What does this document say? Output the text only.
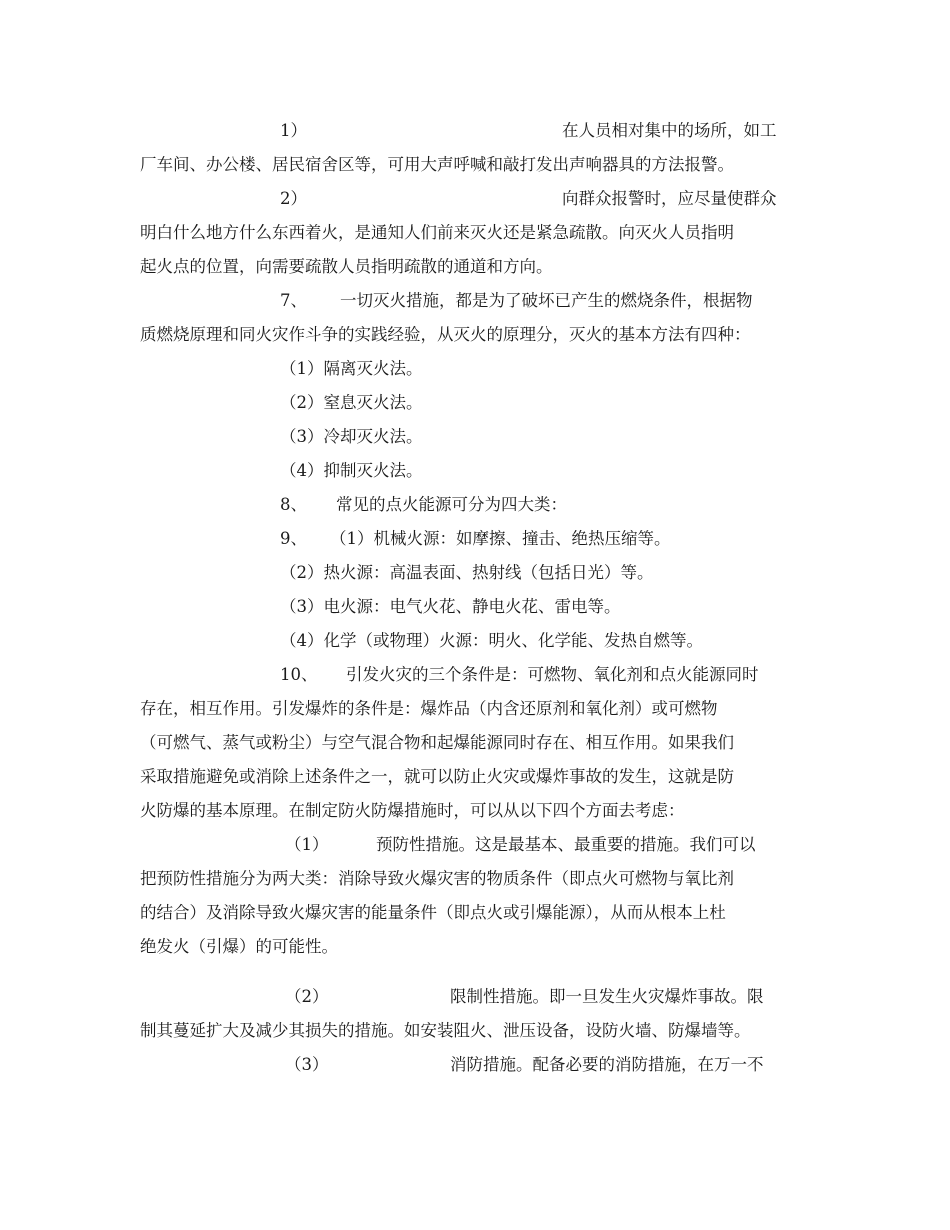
1）	在人员相对集中的场所，如工
厂车间、办公楼、居民宿舍区等，可用大声呼喊和敲打发出声响器具的方法报警。
2）	向群众报警时，应尽量使群众
明白什么地方什么东西着火，是通知人们前来灭火还是紧急疏散。向灭火人员指明
起火点的位置，向需要疏散人员指明疏散的通道和方向。
7、 一切灭火措施，都是为了破坏已产生的燃烧条件，根据物
质燃烧原理和同火灾作斗争的实践经验，从灭火的原理分，灭火的基本方法有四种：
（1）隔离灭火法。
（2）窒息灭火法。
（3）冷却灭火法。
（4）抑制灭火法。
8、 常见的点火能源可分为四大类：
9、 （1）机械火源：如摩擦、撞击、绝热压缩等。
（2）热火源：高温表面、热射线（包括日光）等。
（3）电火源：电气火花、静电火花、雷电等。
（4）化学（或物理）火源：明火、化学能、发热自燃等。
10、 引发火灾的三个条件是：可燃物、氧化剂和点火能源同时
存在，相互作用。引发爆炸的条件是：爆炸品（内含还原剂和氧化剂）或可燃物
（可燃气、蒸气或粉尘）与空气混合物和起爆能源同时存在、相互作用。如果我们
采取措施避免或消除上述条件之一，就可以防止火灾或爆炸事故的发生，这就是防
火防爆的基本原理。在制定防火防爆措施时，可以从以下四个方面去考虑：
（1）	预防性措施。这是最基本、最重要的措施。我们可以
把预防性措施分为两大类：消除导致火爆灾害的物质条件（即点火可燃物与氧比剂
的结合）及消除导致火爆灾害的能量条件（即点火或引爆能源），从而从根本上杜
绝发火（引爆）的可能性。
（2）	限制性措施。即一旦发生火灾爆炸事故。限
制其蔓延扩大及减少其损失的措施。如安装阻火、泄压设备，设防火墙、防爆墙等。
（3）	消防措施。配备必要的消防措施，在万一不
